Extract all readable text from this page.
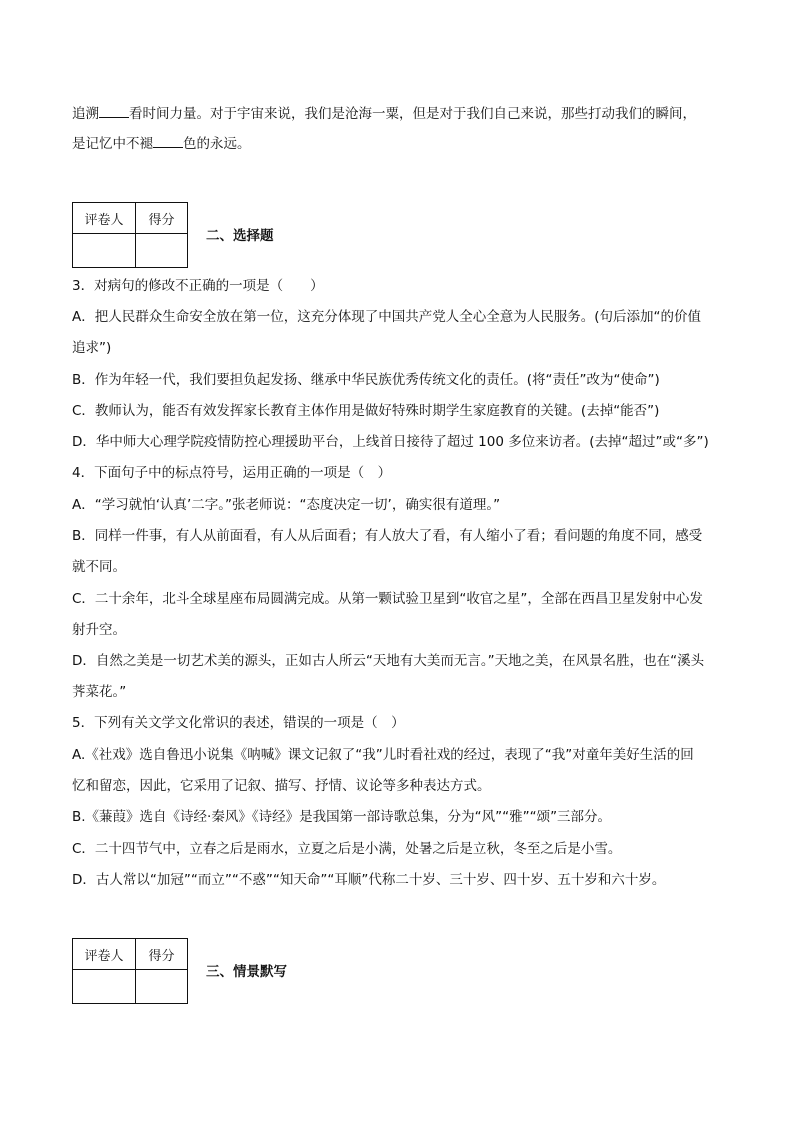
追溯 看时间力量。对于宇宙来说，我们是沧海一粟，但是对于我们自己来说，那些打动我们的瞬间，
是记忆中不褪 色的永远。
评卷人	得分

二、选择题
3．对病句的修改不正确的一项是（　　）
A．把人民群众生命安全放在第一位，这充分体现了中国共产党人全心全意为人民服务。(句后添加“的价值
追求”)
B．作为年轻一代，我们要担负起发扬、继承中华民族优秀传统文化的责任。(将“责任”改为“使命”)
C．教师认为，能否有效发挥家长教育主体作用是做好特殊时期学生家庭教育的关键。(去掉“能否”)
D．华中师大心理学院疫情防控心理援助平台，上线首日接待了超过 100 多位来访者。(去掉“超过”或“多”)
4．下面句子中的标点符号，运用正确的一项是（　）
A．“学习就怕‘认真’二字。”张老师说：“态度决定一切’，确实很有道理。”
B．同样一件事，有人从前面看，有人从后面看；有人放大了看，有人缩小了看；看问题的角度不同，感受
就不同。
C．二十余年，北斗全球星座布局圆满完成。从第一颗试验卫星到“收官之星”，全部在西昌卫星发射中心发
射升空。
D．自然之美是一切艺术美的源头，正如古人所云“天地有大美而无言。”天地之美，在风景名胜，也在“溪头
荠菜花。”
5．下列有关文学文化常识的表述，错误的一项是（　）
A.《社戏》选自鲁迅小说集《呐喊》课文记叙了“我”儿时看社戏的经过，表现了“我”对童年美好生活的回
忆和留恋，因此，它采用了记叙、描写、抒情、议论等多种表达方式。
B.《蒹葭》选自《诗经·秦风》《诗经》是我国第一部诗歌总集，分为“风”“雅”“颂”三部分。
C．二十四节气中，立春之后是雨水，立夏之后是小满，处暑之后是立秋，冬至之后是小雪。
D．古人常以“加冠”“而立”“不惑”“知天命”“耳顺”代称二十岁、三十岁、四十岁、五十岁和六十岁。
评卷人	得分

三、情景默写
